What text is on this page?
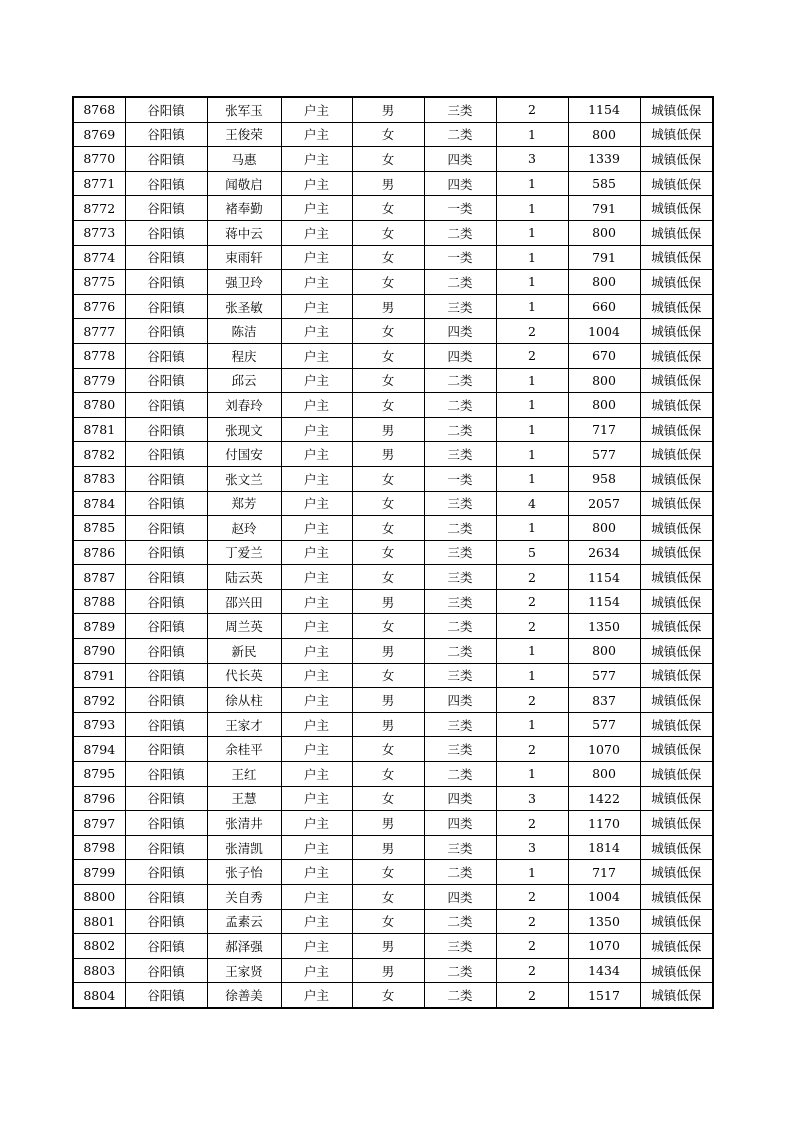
8768	谷阳镇	张军玉	户主	男	三类	2	1154	城镇低保
8769	谷阳镇	王俊荣	户主	女	二类	1	800	城镇低保
8770	谷阳镇	马惠	户主	女	四类	3	1339	城镇低保
8771	谷阳镇	闻敬启	户主	男	四类	1	585	城镇低保
8772	谷阳镇	褚奉勤	户主	女	一类	1	791	城镇低保
8773	谷阳镇	蒋中云	户主	女	二类	1	800	城镇低保
8774	谷阳镇	束雨轩	户主	女	一类	1	791	城镇低保
8775	谷阳镇	强卫玲	户主	女	二类	1	800	城镇低保
8776	谷阳镇	张圣敏	户主	男	三类	1	660	城镇低保
8777	谷阳镇	陈洁	户主	女	四类	2	1004	城镇低保
8778	谷阳镇	程庆	户主	女	四类	2	670	城镇低保
8779	谷阳镇	邱云	户主	女	二类	1	800	城镇低保
8780	谷阳镇	刘春玲	户主	女	二类	1	800	城镇低保
8781	谷阳镇	张现文	户主	男	二类	1	717	城镇低保
8782	谷阳镇	付国安	户主	男	三类	1	577	城镇低保
8783	谷阳镇	张文兰	户主	女	一类	1	958	城镇低保
8784	谷阳镇	郑芳	户主	女	三类	4	2057	城镇低保
8785	谷阳镇	赵玲	户主	女	二类	1	800	城镇低保
8786	谷阳镇	丁爱兰	户主	女	三类	5	2634	城镇低保
8787	谷阳镇	陆云英	户主	女	三类	2	1154	城镇低保
8788	谷阳镇	邵兴田	户主	男	三类	2	1154	城镇低保
8789	谷阳镇	周兰英	户主	女	二类	2	1350	城镇低保
8790	谷阳镇	新民	户主	男	二类	1	800	城镇低保
8791	谷阳镇	代长英	户主	女	三类	1	577	城镇低保
8792	谷阳镇	徐从柱	户主	男	四类	2	837	城镇低保
8793	谷阳镇	王家才	户主	男	三类	1	577	城镇低保
8794	谷阳镇	余桂平	户主	女	三类	2	1070	城镇低保
8795	谷阳镇	王红	户主	女	二类	1	800	城镇低保
8796	谷阳镇	王慧	户主	女	四类	3	1422	城镇低保
8797	谷阳镇	张清井	户主	男	四类	2	1170	城镇低保
8798	谷阳镇	张清凯	户主	男	三类	3	1814	城镇低保
8799	谷阳镇	张子怡	户主	女	二类	1	717	城镇低保
8800	谷阳镇	关自秀	户主	女	四类	2	1004	城镇低保
8801	谷阳镇	孟素云	户主	女	二类	2	1350	城镇低保
8802	谷阳镇	郝泽强	户主	男	三类	2	1070	城镇低保
8803	谷阳镇	王家贤	户主	男	二类	2	1434	城镇低保
8804	谷阳镇	徐善美	户主	女	二类	2	1517	城镇低保
